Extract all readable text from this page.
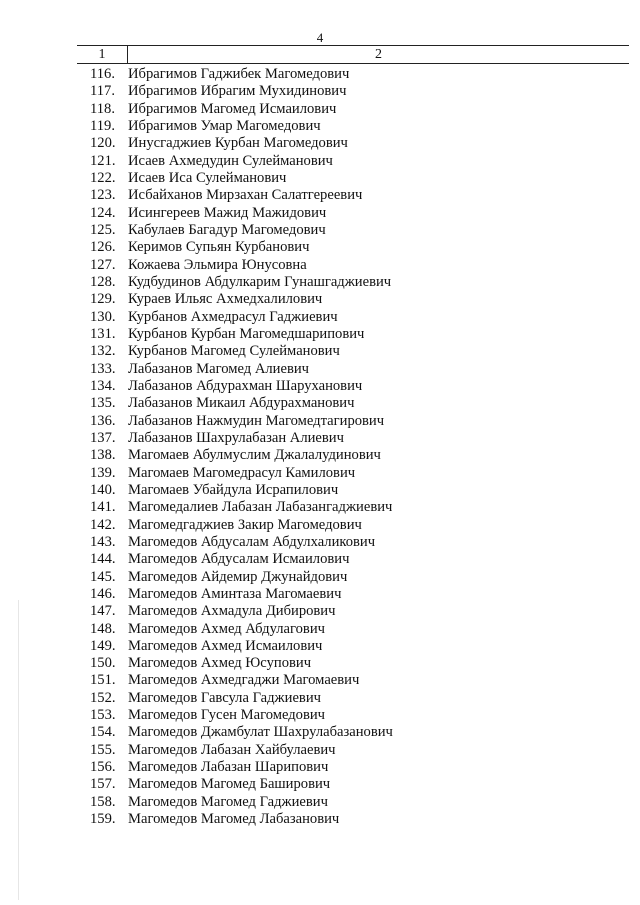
4
1	2
116. Ибрагимов Гаджибек Магомедович
117. Ибрагимов Ибрагим Мухидинович
118. Ибрагимов Магомед Исмаилович
119. Ибрагимов Умар Магомедович
120. Инусгаджиев Курбан Магомедович
121. Исаев Ахмедудин Сулейманович
122. Исаев Иса Сулейманович
123. Исбайханов Мирзахан Салатгереевич
124. Исингереев Мажид Мажидович
125. Кабулаев Багадур Магомедович
126. Керимов Супьян Курбанович
127. Кожаева Эльмира Юнусовна
128. Кудбудинов Абдулкарим Гунашгаджиевич
129. Кураев Ильяс Ахмедхалилович
130. Курбанов Ахмедрасул Гаджиевич
131. Курбанов Курбан Магомедшарипович
132. Курбанов Магомед Сулейманович
133. Лабазанов Магомед Алиевич
134. Лабазанов Абдурахман Шаруханович
135. Лабазанов Микаил Абдурахманович
136. Лабазанов Нажмудин Магомедтагирович
137. Лабазанов Шахрулабазан Алиевич
138. Магомаев Абулмуслим Джалалудинович
139. Магомаев Магомедрасул Камилович
140. Магомаев Убайдула Исрапилович
141. Магомедалиев Лабазан Лабазангаджиевич
142. Магомедгаджиев Закир Магомедович
143. Магомедов Абдусалам Абдулхаликович
144. Магомедов Абдусалам Исмаилович
145. Магомедов Айдемир Джунайдович
146. Магомедов Аминтаза Магомаевич
147. Магомедов Ахмадула Дибирович
148. Магомедов Ахмед Абдулагович
149. Магомедов Ахмед Исмаилович
150. Магомедов Ахмед Юсупович
151. Магомедов Ахмедгаджи Магомаевич
152. Магомедов Гавсула Гаджиевич
153. Магомедов Гусен Магомедович
154. Магомедов Джамбулат Шахрулабазанович
155. Магомедов Лабазан Хайбулаевич
156. Магомедов Лабазан Шарипович
157. Магомедов Магомед Баширович
158. Магомедов Магомед Гаджиевич
159. Магомедов Магомед Лабазанович
